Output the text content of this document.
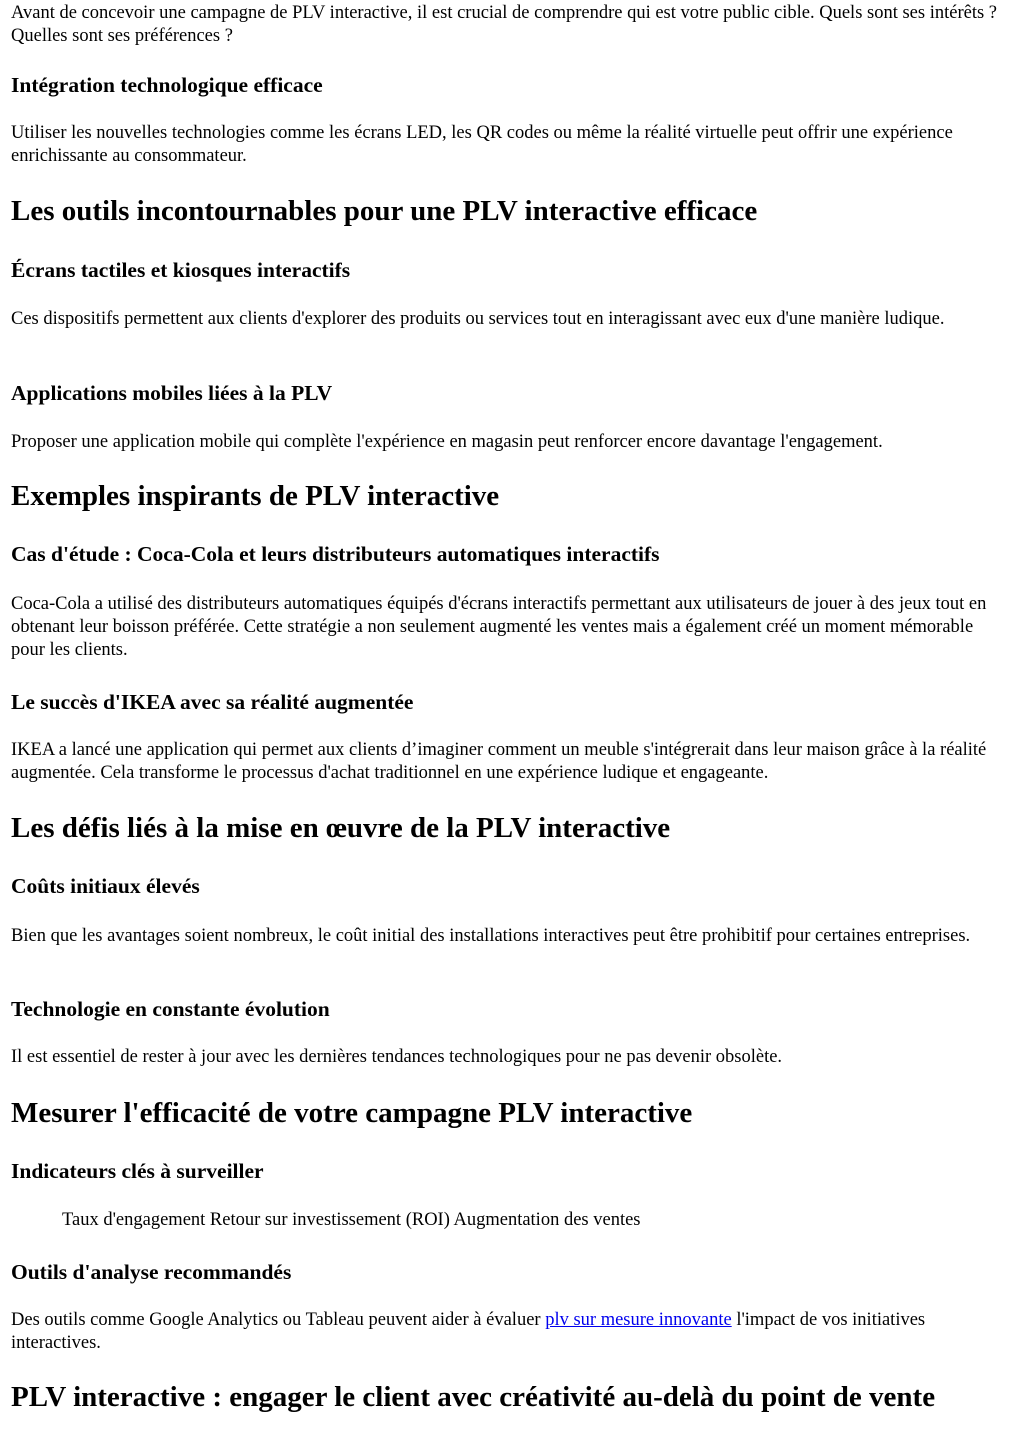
Avant de concevoir une campagne de PLV interactive, il est crucial de comprendre qui est votre public cible. Quels sont ses intérêts ? Quelles sont ses préférences ?

Intégration technologique efficace

Utiliser les nouvelles technologies comme les écrans LED, les QR codes ou même la réalité virtuelle peut offrir une expérience enrichissante au consommateur.

Les outils incontournables pour une PLV interactive efficace
Écrans tactiles et kiosques interactifs

Ces dispositifs permettent aux clients d'explorer des produits ou services tout en interagissant avec eux d'une manière ludique.

Applications mobiles liées à la PLV

Proposer une application mobile qui complète l'expérience en magasin peut renforcer encore davantage l'engagement.

Exemples inspirants de PLV interactive
Cas d'étude : Coca-Cola et leurs distributeurs automatiques interactifs

Coca-Cola a utilisé des distributeurs automatiques équipés d'écrans interactifs permettant aux utilisateurs de jouer à des jeux tout en obtenant leur boisson préférée. Cette stratégie a non seulement augmenté les ventes mais a également créé un moment mémorable pour les clients.

Le succès d'IKEA avec sa réalité augmentée

IKEA a lancé une application qui permet aux clients d’imaginer comment un meuble s'intégrerait dans leur maison grâce à la réalité augmentée. Cela transforme le processus d'achat traditionnel en une expérience ludique et engageante.

Les défis liés à la mise en œuvre de la PLV interactive
Coûts initiaux élevés

Bien que les avantages soient nombreux, le coût initial des installations interactives peut être prohibitif pour certaines entreprises.

Technologie en constante évolution

Il est essentiel de rester à jour avec les dernières tendances technologiques pour ne pas devenir obsolète.

Mesurer l'efficacité de votre campagne PLV interactive
Indicateurs clés à surveiller

Taux d'engagement Retour sur investissement (ROI) Augmentation des ventes

Outils d'analyse recommandés

Des outils comme Google Analytics ou Tableau peuvent aider à évaluer plv sur mesure innovante l'impact de vos initiatives interactives.

PLV interactive : engager le client avec créativité au-delà du point de vente
